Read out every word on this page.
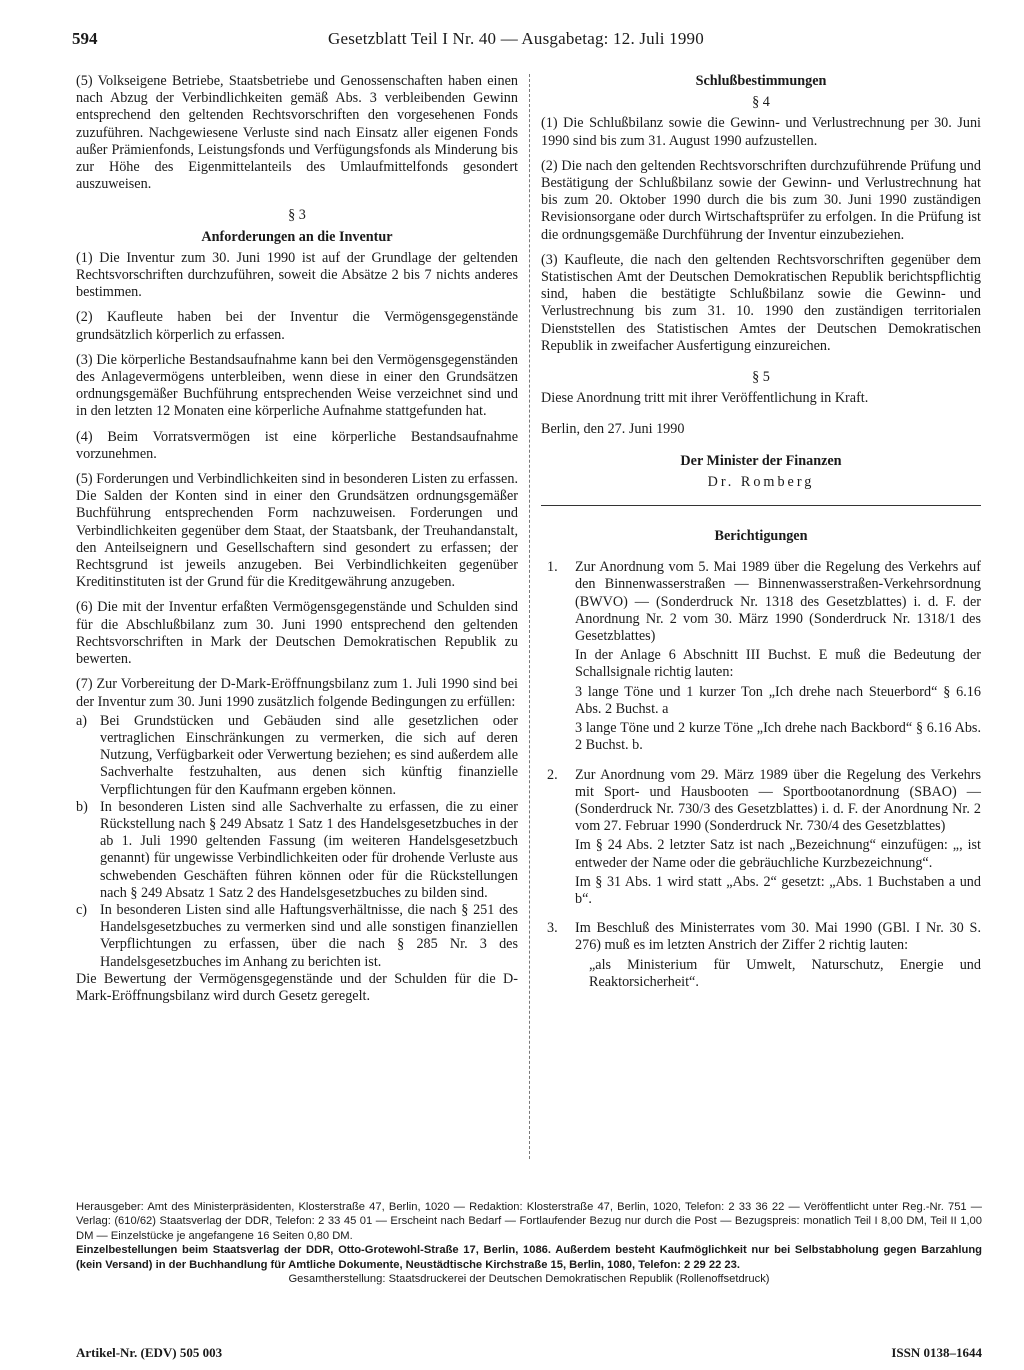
594	Gesetzblatt Teil I Nr. 40 — Ausgabetag: 12. Juli 1990

(5) Volkseigene Betriebe, Staatsbetriebe und Genossenschaften haben einen nach Abzug der Verbindlichkeiten gemäß Abs. 3 verbleibenden Gewinn entsprechend den geltenden Rechtsvorschriften den vorgesehenen Fonds zuzuführen. Nachgewiesene Verluste sind nach Einsatz aller eigenen Fonds außer Prämienfonds, Leistungsfonds und Verfügungsfonds als Minderung bis zur Höhe des Eigenmittelanteils des Umlaufmittelfonds gesondert auszuweisen.

§ 3
Anforderungen an die Inventur

(1) Die Inventur zum 30. Juni 1990 ist auf der Grundlage der geltenden Rechtsvorschriften durchzuführen, soweit die Absätze 2 bis 7 nichts anderes bestimmen.

(2) Kaufleute haben bei der Inventur die Vermögensgegenstände grundsätzlich körperlich zu erfassen.

(3) Die körperliche Bestandsaufnahme kann bei den Vermögensgegenständen des Anlagevermögens unterbleiben, wenn diese in einer den Grundsätzen ordnungsgemäßer Buchführung entsprechenden Weise verzeichnet sind und in den letzten 12 Monaten eine körperliche Aufnahme stattgefunden hat.

(4) Beim Vorratsvermögen ist eine körperliche Bestandsaufnahme vorzunehmen.

(5) Forderungen und Verbindlichkeiten sind in besonderen Listen zu erfassen. Die Salden der Konten sind in einer den Grundsätzen ordnungsgemäßer Buchführung entsprechenden Form nachzuweisen. Forderungen und Verbindlichkeiten gegenüber dem Staat, der Staatsbank, der Treuhandanstalt, den Anteilseignern und Gesellschaftern sind gesondert zu erfassen; der Rechtsgrund ist jeweils anzugeben. Bei Verbindlichkeiten gegenüber Kreditinstituten ist der Grund für die Kreditgewährung anzugeben.

(6) Die mit der Inventur erfaßten Vermögensgegenstände und Schulden sind für die Abschlußbilanz zum 30. Juni 1990 entsprechend den geltenden Rechtsvorschriften in Mark der Deutschen Demokratischen Republik zu bewerten.

(7) Zur Vorbereitung der D-Mark-Eröffnungsbilanz zum 1. Juli 1990 sind bei der Inventur zum 30. Juni 1990 zusätzlich folgende Bedingungen zu erfüllen:

a) Bei Grundstücken und Gebäuden sind alle gesetzlichen oder vertraglichen Einschränkungen zu vermerken, die sich auf deren Nutzung, Verfügbarkeit oder Verwertung beziehen; es sind außerdem alle Sachverhalte festzuhalten, aus denen sich künftig finanzielle Verpflichtungen für den Kaufmann ergeben können.
b) In besonderen Listen sind alle Sachverhalte zu erfassen, die zu einer Rückstellung nach § 249 Absatz 1 Satz 1 des Handelsgesetzbuches in der ab 1. Juli 1990 geltenden Fassung (im weiteren Handelsgesetzbuch genannt) für ungewisse Verbindlichkeiten oder für drohende Verluste aus schwebenden Geschäften führen können oder für die Rückstellungen nach § 249 Absatz 1 Satz 2 des Handelsgesetzbuches zu bilden sind.
c) In besonderen Listen sind alle Haftungsverhältnisse, die nach § 251 des Handelsgesetzbuches zu vermerken sind und alle sonstigen finanziellen Verpflichtungen zu erfassen, über die nach § 285 Nr. 3 des Handelsgesetzbuches im Anhang zu berichten ist.

Die Bewertung der Vermögensgegenstände und der Schulden für die D-Mark-Eröffnungsbilanz wird durch Gesetz geregelt.

Schlußbestimmungen
§ 4

(1) Die Schlußbilanz sowie die Gewinn- und Verlustrechnung per 30. Juni 1990 sind bis zum 31. August 1990 aufzustellen.

(2) Die nach den geltenden Rechtsvorschriften durchzuführende Prüfung und Bestätigung der Schlußbilanz sowie der Gewinn- und Verlustrechnung hat bis zum 20. Oktober 1990 durch die bis zum 30. Juni 1990 zuständigen Revisionsorgane oder durch Wirtschaftsprüfer zu erfolgen. In die Prüfung ist die ordnungsgemäße Durchführung der Inventur einzubeziehen.

(3) Kaufleute, die nach den geltenden Rechtsvorschriften gegenüber dem Statistischen Amt der Deutschen Demokratischen Republik berichtspflichtig sind, haben die bestätigte Schlußbilanz sowie die Gewinn- und Verlustrechnung bis zum 31. 10. 1990 den zuständigen territorialen Dienststellen des Statistischen Amtes der Deutschen Demokratischen Republik in zweifacher Ausfertigung einzureichen.

§ 5

Diese Anordnung tritt mit ihrer Veröffentlichung in Kraft.

Berlin, den 27. Juni 1990

Der Minister der Finanzen
Dr. Romberg
Berichtigungen
1.	Zur Anordnung vom 5. Mai 1989 über die Regelung des Verkehrs auf den Binnenwasserstraßen — Binnenwasserstraßen-Verkehrsordnung (BWVO) — (Sonderdruck Nr. 1318 des Gesetzblattes) i. d. F. der Anordnung Nr. 2 vom 30. März 1990 (Sonderdruck Nr. 1318/1 des Gesetzblattes)

In der Anlage 6 Abschnitt III Buchst. E muß die Bedeutung der Schallsignale richtig lauten:

3 lange Töne und 1 kurzer Ton „Ich drehe nach Steuerbord“ § 6.16 Abs. 2 Buchst. a

3 lange Töne und 2 kurze Töne „Ich drehe nach Backbord“ § 6.16 Abs. 2 Buchst. b.

2.	Zur Anordnung vom 29. März 1989 über die Regelung des Verkehrs mit Sport- und Hausbooten — Sportbootanordnung (SBAO) — (Sonderdruck Nr. 730/3 des Gesetzblattes) i. d. F. der Anordnung Nr. 2 vom 27. Februar 1990 (Sonderdruck Nr. 730/4 des Gesetzblattes)

Im § 24 Abs. 2 letzter Satz ist nach „Bezeichnung“ einzufügen: „, ist entweder der Name oder die gebräuchliche Kurzbezeichnung“.

Im § 31 Abs. 1 wird statt „Abs. 2“ gesetzt: „Abs. 1 Buchstaben a und b“.

3.	Im Beschluß des Ministerrates vom 30. Mai 1990 (GBl. I Nr. 30 S. 276) muß es im letzten Anstrich der Ziffer 2 richtig lauten:

„als Ministerium für Umwelt, Naturschutz, Energie und Reaktorsicherheit“.

Herausgeber: Amt des Ministerpräsidenten, Klosterstraße 47, Berlin, 1020 — Redaktion: Klosterstraße 47, Berlin, 1020, Telefon: 2 33 36 22 — Veröffentlicht unter Reg.-Nr. 751 — Verlag: (610/62) Staatsverlag der DDR, Telefon: 2 33 45 01 — Erscheint nach Bedarf — Fortlaufender Bezug nur durch die Post — Bezugspreis: monatlich Teil I 8,00 DM, Teil II 1,00 DM — Einzelstücke je angefangene 16 Seiten 0,80 DM.
Einzelbestellungen beim Staatsverlag der DDR, Otto-Grotewohl-Straße 17, Berlin, 1086. Außerdem besteht Kaufmöglichkeit nur bei Selbstabholung gegen Barzahlung (kein Versand) in der Buchhandlung für Amtliche Dokumente, Neustädtische Kirchstraße 15, Berlin, 1080, Telefon: 2 29 22 23.
Gesamtherstellung: Staatsdruckerei der Deutschen Demokratischen Republik (Rollenoffsetdruck)
Artikel-Nr. (EDV) 505 003	ISSN 0138–1644
